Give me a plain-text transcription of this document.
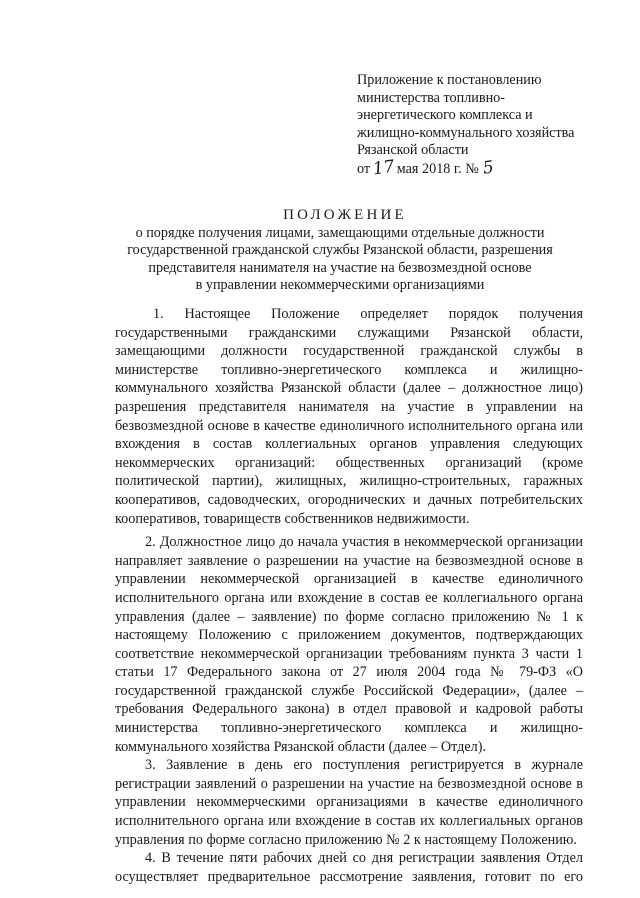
Приложение к постановлению
министерства топливно-
энергетического комплекса и
жилищно-коммунального хозяйства
Рязанской области
от17мая 2018 г. № 5
ПОЛОЖЕНИЕ
о порядке получения лицами, замещающими отдельные должности
государственной гражданской службы Рязанской области, разрешения
представителя нанимателя на участие на безвозмездной основе
в управлении некоммерческими организациями
1. Настоящее Положение определяет порядок получения
государственными гражданскими служащими Рязанской области,
замещающими должности государственной гражданской службы в
министерстве топливно-энергетического комплекса и жилищно-
коммунального хозяйства Рязанской области (далее – должностное лицо)
разрешения представителя нанимателя на участие в управлении на
безвозмездной основе в качестве единоличного исполнительного органа или
вхождения в состав коллегиальных органов управления следующих
некоммерческих организаций: общественных организаций (кроме
политической партии), жилищных, жилищно-строительных, гаражных
кооперативов, садоводческих, огороднических и дачных потребительских
кооперативов, товариществ собственников недвижимости.
2. Должностное лицо до начала участия в некоммерческой организации
направляет заявление о разрешении на участие на безвозмездной основе в
управлении некоммерческой организацией в качестве единоличного
исполнительного органа или вхождение в состав ее коллегиального органа
управления (далее – заявление) по форме согласно приложению № 1 к
настоящему Положению с приложением документов, подтверждающих
соответствие некоммерческой организации требованиям пункта 3 части 1
статьи 17 Федерального закона от 27 июля 2004 года № 79-ФЗ «О
государственной гражданской службе Российской Федерации», (далее –
требования Федерального закона) в отдел правовой и кадровой работы
министерства топливно-энергетического комплекса и жилищно-
коммунального хозяйства Рязанской области (далее – Отдел).
3. Заявление в день его поступления регистрируется в журнале
регистрации заявлений о разрешении на участие на безвозмездной основе в
управлении некоммерческими организациями в качестве единоличного
исполнительного органа или вхождение в состав их коллегиальных органов
управления по форме согласно приложению № 2 к настоящему Положению.
4. В течение пяти рабочих дней со дня регистрации заявления Отдел
осуществляет предварительное рассмотрение заявления, готовит по его
